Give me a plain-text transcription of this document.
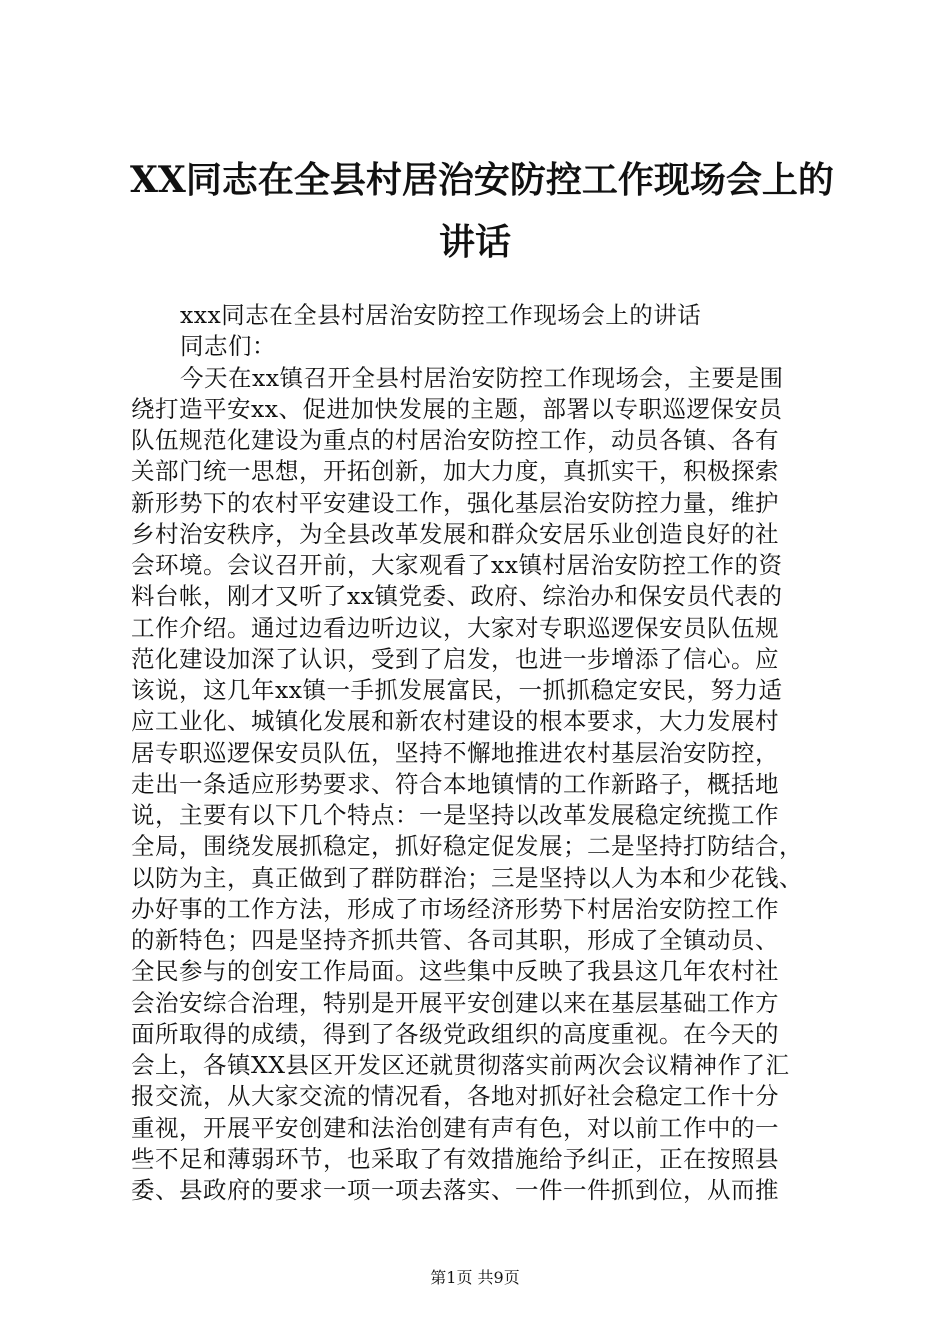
XX同志在全县村居治安防控工作现场会上的
讲话
xxx同志在全县村居治安防控工作现场会上的讲话
同志们：
今天在xx镇召开全县村居治安防控工作现场会，主要是围
绕打造平安xx、促进加快发展的主题，部署以专职巡逻保安员
队伍规范化建设为重点的村居治安防控工作，动员各镇、各有
关部门统一思想，开拓创新，加大力度，真抓实干，积极探索
新形势下的农村平安建设工作，强化基层治安防控力量，维护
乡村治安秩序，为全县改革发展和群众安居乐业创造良好的社
会环境。会议召开前，大家观看了xx镇村居治安防控工作的资
料台帐，刚才又听了xx镇党委、政府、综治办和保安员代表的
工作介绍。通过边看边听边议，大家对专职巡逻保安员队伍规
范化建设加深了认识，受到了启发，也进一步增添了信心。应
该说，这几年xx镇一手抓发展富民，一抓抓稳定安民，努力适
应工业化、城镇化发展和新农村建设的根本要求，大力发展村
居专职巡逻保安员队伍，坚持不懈地推进农村基层治安防控，
走出一条适应形势要求、符合本地镇情的工作新路子，概括地
说，主要有以下几个特点：一是坚持以改革发展稳定统揽工作
全局，围绕发展抓稳定，抓好稳定促发展；二是坚持打防结合，
以防为主，真正做到了群防群治；三是坚持以人为本和少花钱、
办好事的工作方法，形成了市场经济形势下村居治安防控工作
的新特色；四是坚持齐抓共管、各司其职，形成了全镇动员、
全民参与的创安工作局面。这些集中反映了我县这几年农村社
会治安综合治理，特别是开展平安创建以来在基层基础工作方
面所取得的成绩，得到了各级党政组织的高度重视。在今天的
会上，各镇XX县区开发区还就贯彻落实前两次会议精神作了汇
报交流，从大家交流的情况看，各地对抓好社会稳定工作十分
重视，开展平安创建和法治创建有声有色，对以前工作中的一
些不足和薄弱环节，也采取了有效措施给予纠正，正在按照县
委、县政府的要求一项一项去落实、一件一件抓到位，从而推
第1页 共9页
